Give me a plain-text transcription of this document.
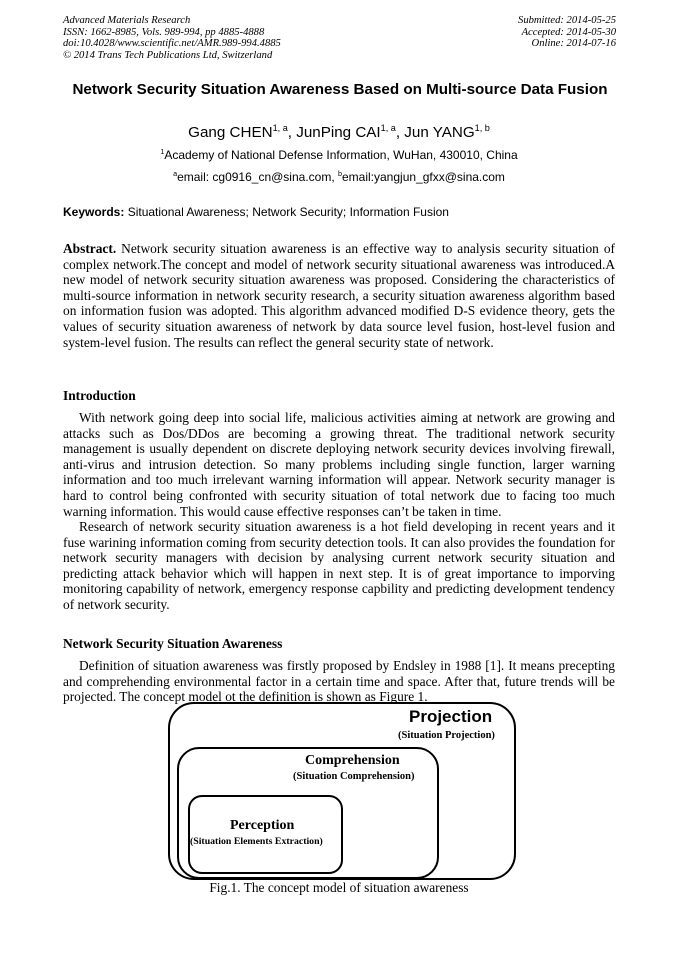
Advanced Materials Research
ISSN: 1662-8985, Vols. 989-994, pp 4885-4888
doi:10.4028/www.scientific.net/AMR.989-994.4885
© 2014 Trans Tech Publications Ltd, Switzerland
Submitted: 2014-05-25
Accepted: 2014-05-30
Online: 2014-07-16
Network Security Situation Awareness Based on Multi-source Data Fusion
Gang CHEN$^{1, a}$, JunPing CAI$^{1, a}$, Jun YANG$^{1, b}$
$^1$Academy of National Defense Information, WuHan, 430010, China
$^a$email: cg0916_cn@sina.com, $^b$email:yangjun_gfxx@sina.com
Keywords: Situational Awareness; Network Security; Information Fusion
Abstract. Network security situation awareness is an effective way to analysis security situation of complex network.The concept and model of network security situational awareness was introduced.A new model of network security situation awareness was proposed. Considering the characteristics of multi-source information in network security research, a security situation awareness algorithm based on information fusion was adopted. This algorithm advanced modified D-S evidence theory, gets the values of security situation awareness of network by data source level fusion, host-level fusion and system-level fusion. The results can reflect the general security state of network.
Introduction
With network going deep into social life, malicious activities aiming at network are growing and attacks such as Dos/DDos are becoming a growing threat. The traditional network security management is usually dependent on discrete deploying network security devices involving firewall, anti-virus and intrusion detection. So many problems including single function, larger warning information and too much irrelevant warning information will appear. Network security manager is hard to control being confronted with security situation of total network due to facing too much warning information. This would cause effective responses can’t be taken in time.
Research of network security situation awareness is a hot field developing in recent years and it fuse warining information coming from security detection tools. It can also provides the foundation for network security managers with decision by analysing current network security situation and predicting attack behavior which will happen in next step. It is of great importance to imporving monitoring capability of network, emergency response capbility and predicting development tendency of network security.
Network Security Situation Awareness
Definition of situation awareness was firstly proposed by Endsley in 1988 [1]. It means precepting and comprehending environmental factor in a certain time and space. After that, future trends will be projected. The concept model ot the definition is shown as Figure 1.
Projection
(Situation Projection)
Comprehension
(Situation Comprehension)
Perception
(Situation Elements Extraction)
Fig.1. The concept model of situation awareness
